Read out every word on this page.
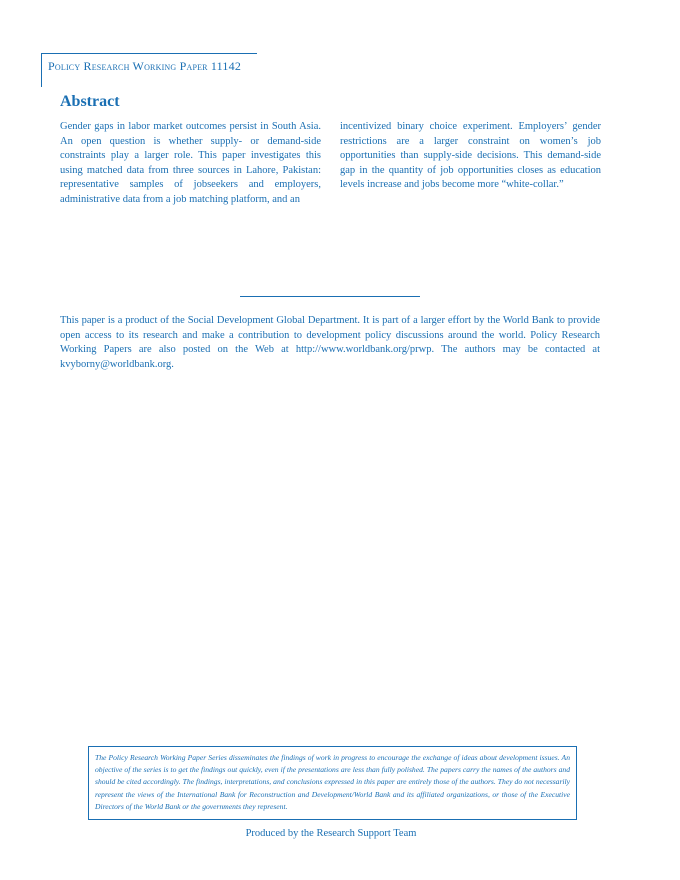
Policy Research Working Paper 11142
Abstract

Gender gaps in labor market outcomes persist in South Asia. An open question is whether supply- or demand-side constraints play a larger role. This paper investigates this using matched data from three sources in Lahore, Pakistan: representative samples of jobseekers and employers, administrative data from a job matching platform, and an

incentivized binary choice experiment. Employers’ gender restrictions are a larger constraint on women’s job opportunities than supply-side decisions. This demand-side gap in the quantity of job opportunities closes as education levels increase and jobs become more “white-collar.”

This paper is a product of the Social Development Global Department. It is part of a larger effort by the World Bank to provide open access to its research and make a contribution to development policy discussions around the world. Policy Research Working Papers are also posted on the Web at http://www.worldbank.org/prwp. The authors may be contacted at kvyborny@worldbank.org.

The Policy Research Working Paper Series disseminates the findings of work in progress to encourage the exchange of ideas about development issues. An objective of the series is to get the findings out quickly, even if the presentations are less than fully polished. The papers carry the names of the authors and should be cited accordingly. The findings, interpretations, and conclusions expressed in this paper are entirely those of the authors. They do not necessarily represent the views of the International Bank for Reconstruction and Development/World Bank and its affiliated organizations, or those of the Executive Directors of the World Bank or the governments they represent.

Produced by the Research Support Team
